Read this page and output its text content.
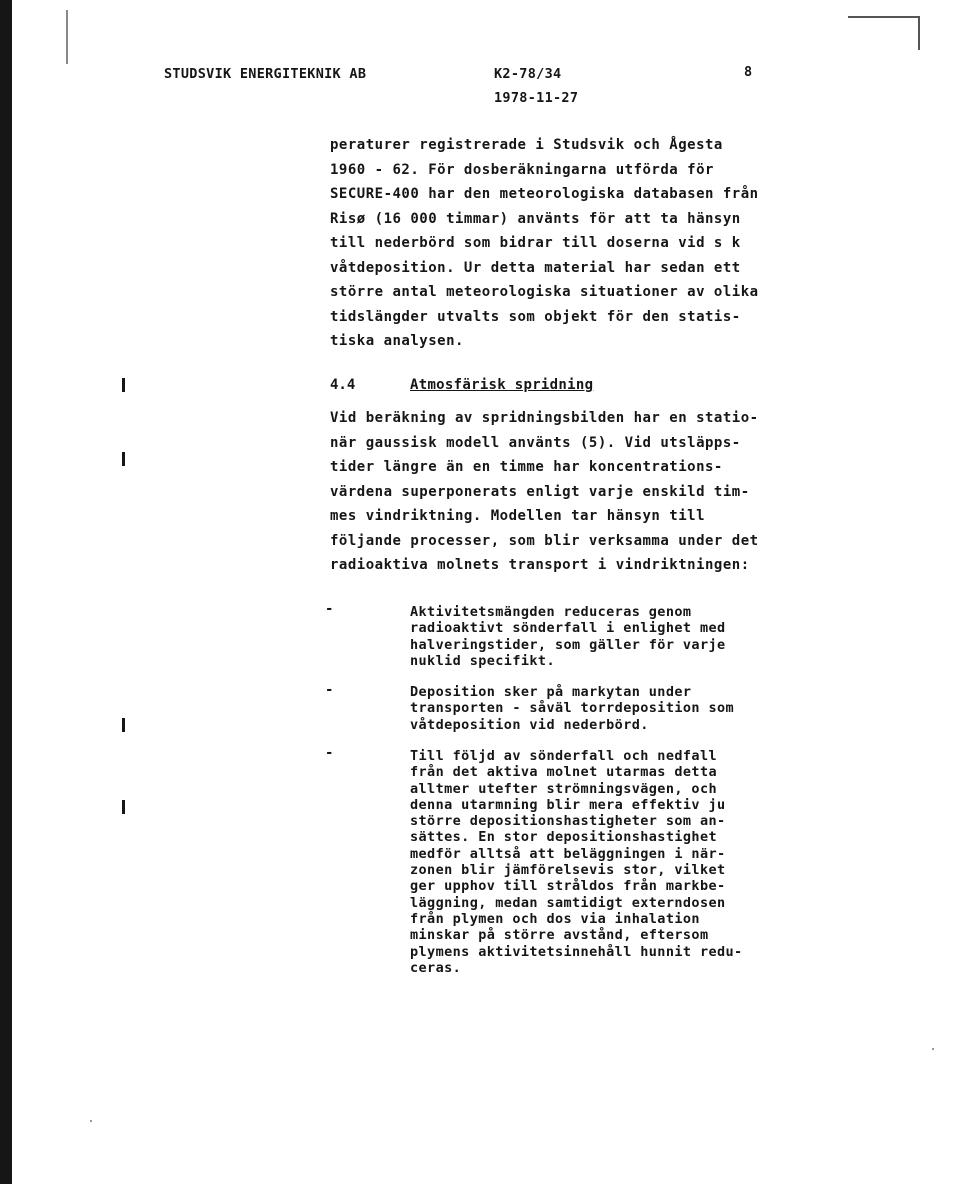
STUDSVIK ENERGITEKNIK AB	K2-78/34
1978-11-27
8
peraturer registrerade i Studsvik och Ågesta
1960 - 62. För dosberäkningarna utförda för
SECURE-400 har den meteorologiska databasen från
Risø (16 000 timmar) använts för att ta hänsyn
till nederbörd som bidrar till doserna vid s k
våtdeposition. Ur detta material har sedan ett
större antal meteorologiska situationer av olika
tidslängder utvalts som objekt för den statis-
tiska analysen.
4.4	Atmosfärisk spridning
Vid beräkning av spridningsbilden har en statio-
när gaussisk modell använts (5). Vid utsläpps-
tider längre än en timme har koncentrations-
värdena superponerats enligt varje enskild tim-
mes vindriktning. Modellen tar hänsyn till
följande processer, som blir verksamma under det
radioaktiva molnets transport i vindriktningen:
-	Aktivitetsmängden reduceras genom
radioaktivt sönderfall i enlighet med
halveringstider, som gäller för varje
nuklid specifikt.
-	Deposition sker på markytan under
transporten - såväl torrdeposition som
våtdeposition vid nederbörd.
-	Till följd av sönderfall och nedfall
från det aktiva molnet utarmas detta
alltmer utefter strömningsvägen, och
denna utarmning blir mera effektiv ju
större depositionshastigheter som an-
sättes. En stor depositionshastighet
medför alltså att beläggningen i när-
zonen blir jämförelsevis stor, vilket
ger upphov till stråldos från markbe-
läggning, medan samtidigt externdosen
från plymen och dos via inhalation
minskar på större avstånd, eftersom
plymens aktivitetsinnehåll hunnit redu-
ceras.
